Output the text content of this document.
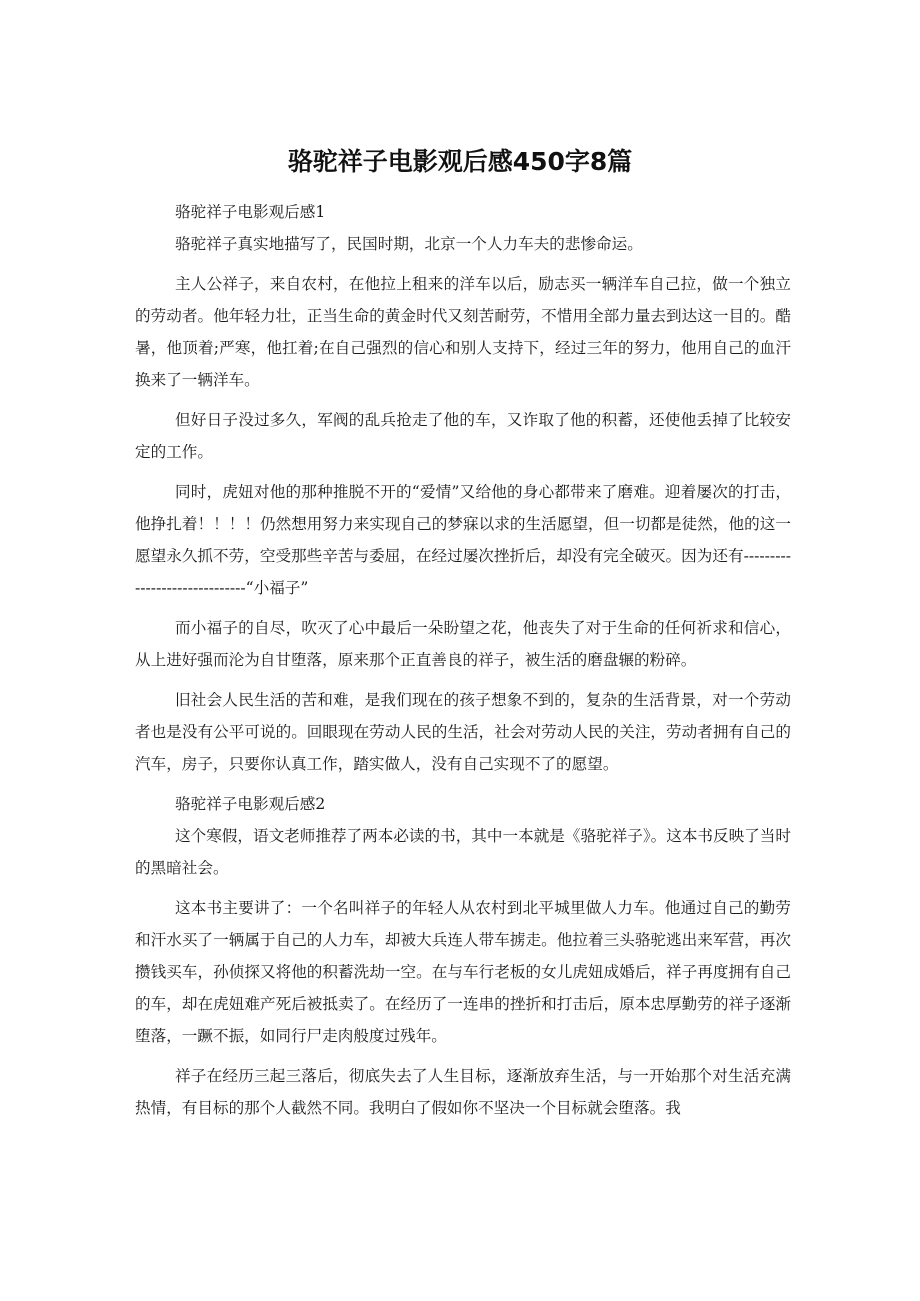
骆驼祥子电影观后感450字8篇

骆驼祥子电影观后感1

骆驼祥子真实地描写了，民国时期，北京一个人力车夫的悲惨命运。

主人公祥子，来自农村，在他拉上租来的洋车以后，励志买一辆洋车自己拉，做一个独立的劳动者。他年轻力壮，正当生命的黄金时代又刻苦耐劳，不惜用全部力量去到达这一目的。酷暑，他顶着;严寒，他扛着;在自己强烈的信心和别人支持下，经过三年的努力，他用自己的血汗换来了一辆洋车。

但好日子没过多久，军阀的乱兵抢走了他的车，又诈取了他的积蓄，还使他丢掉了比较安定的工作。

同时，虎妞对他的那种推脱不开的“爱情”又给他的身心都带来了磨难。迎着屡次的打击，他挣扎着！！！！仍然想用努力来实现自己的梦寐以求的生活愿望，但一切都是徒然，他的这一愿望永久抓不劳，空受那些辛苦与委屈，在经过屡次挫折后，却没有完全破灭。因为还有------------------------------“小福子”

而小福子的自尽，吹灭了心中最后一朵盼望之花，他丧失了对于生命的任何祈求和信心，从上进好强而沦为自甘堕落，原来那个正直善良的祥子，被生活的磨盘辗的粉碎。

旧社会人民生活的苦和难，是我们现在的孩子想象不到的，复杂的生活背景，对一个劳动者也是没有公平可说的。回眼现在劳动人民的生活，社会对劳动人民的关注，劳动者拥有自己的汽车，房子，只要你认真工作，踏实做人，没有自己实现不了的愿望。

骆驼祥子电影观后感2

这个寒假，语文老师推荐了两本必读的书，其中一本就是《骆驼祥子》。这本书反映了当时的黑暗社会。

这本书主要讲了：一个名叫祥子的年轻人从农村到北平城里做人力车。他通过自己的勤劳和汗水买了一辆属于自己的人力车，却被大兵连人带车掳走。他拉着三头骆驼逃出来军营，再次攒钱买车，孙侦探又将他的积蓄洗劫一空。在与车行老板的女儿虎妞成婚后，祥子再度拥有自己的车，却在虎妞难产死后被抵卖了。在经历了一连串的挫折和打击后，原本忠厚勤劳的祥子逐渐堕落，一蹶不振，如同行尸走肉般度过残年。

祥子在经历三起三落后，彻底失去了人生目标，逐渐放弃生活，与一开始那个对生活充满热情，有目标的那个人截然不同。我明白了假如你不坚决一个目标就会堕落。我
